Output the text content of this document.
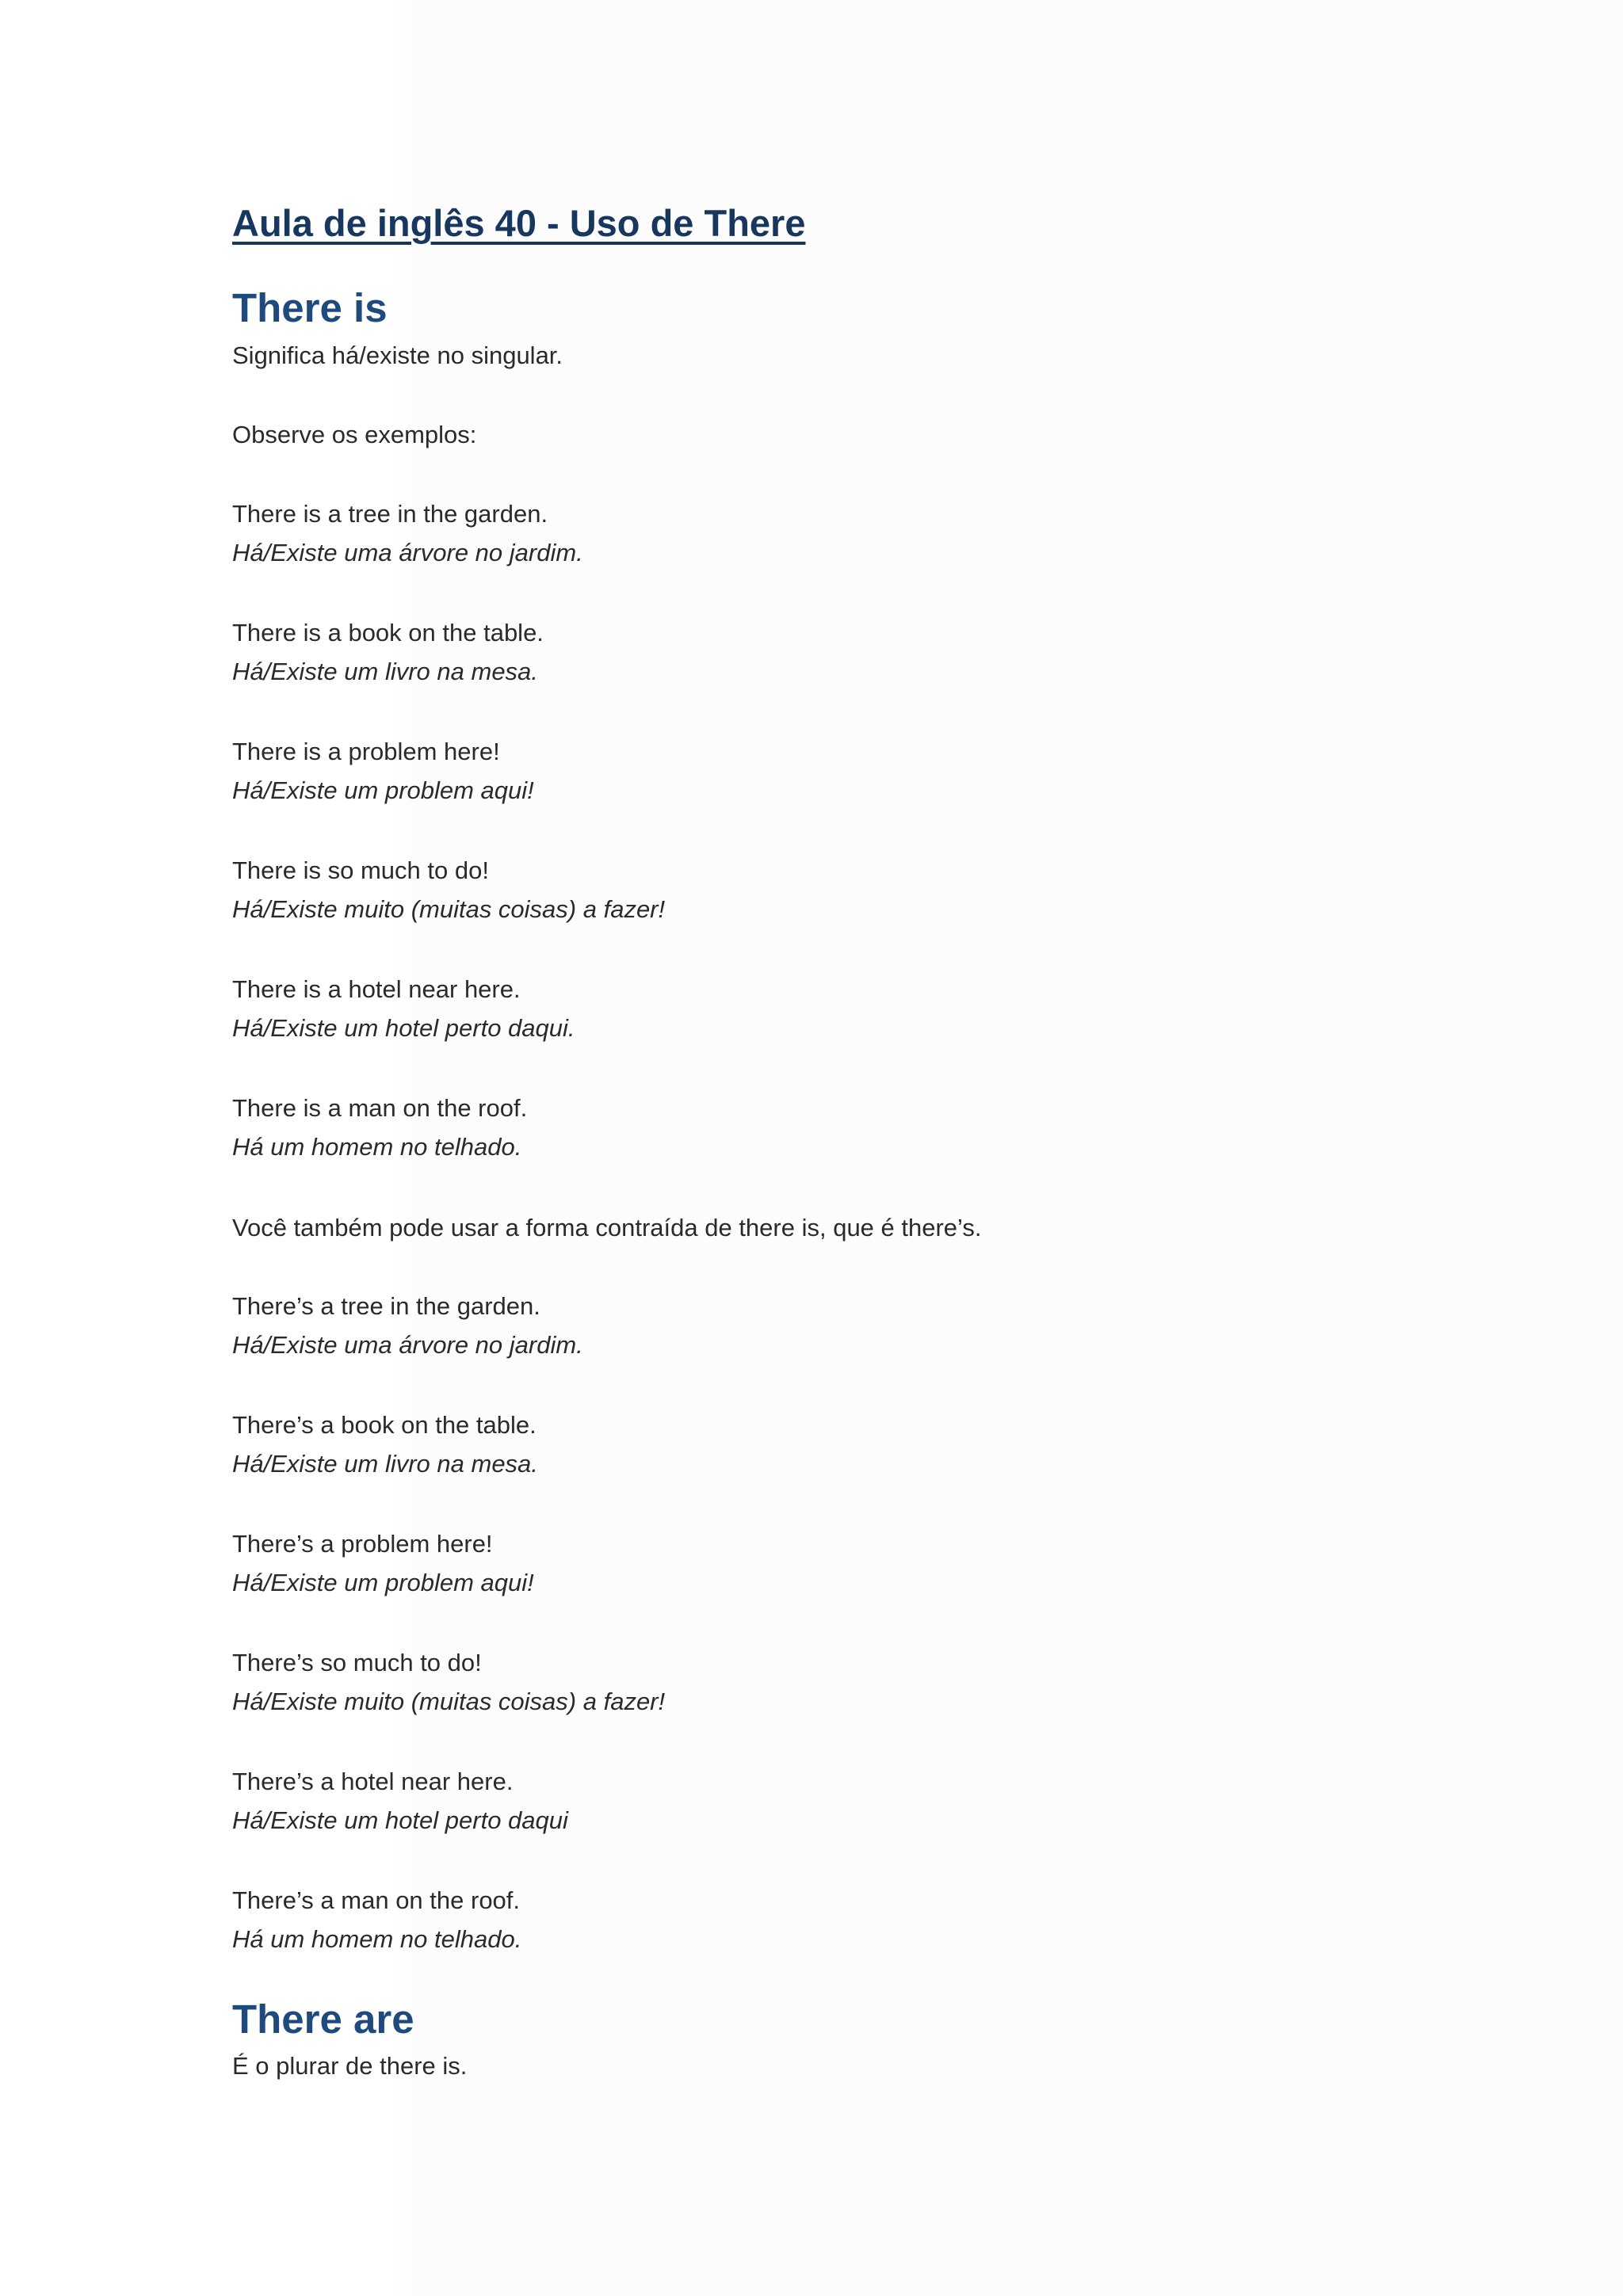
Aula de inglês 40 - Uso de There
There is

Significa há/existe no singular.

Observe os exemplos:

There is a tree in the garden.

Há/Existe uma árvore no jardim.

There is a book on the table.

Há/Existe um livro na mesa.

There is a problem here!

Há/Existe um problem aqui!

There is so much to do!

Há/Existe muito (muitas coisas) a fazer!

There is a hotel near here.

Há/Existe um hotel perto daqui.

There is a man on the roof.

Há um homem no telhado.

Você também pode usar a forma contraída de there is, que é there’s.

There’s a tree in the garden.

Há/Existe uma árvore no jardim.

There’s a book on the table.

Há/Existe um livro na mesa.

There’s a problem here!

Há/Existe um problem aqui!

There’s so much to do!

Há/Existe muito (muitas coisas) a fazer!

There’s a hotel near here.

Há/Existe um hotel perto daqui

There’s a man on the roof.

Há um homem no telhado.

There are

É o plurar de there is.
